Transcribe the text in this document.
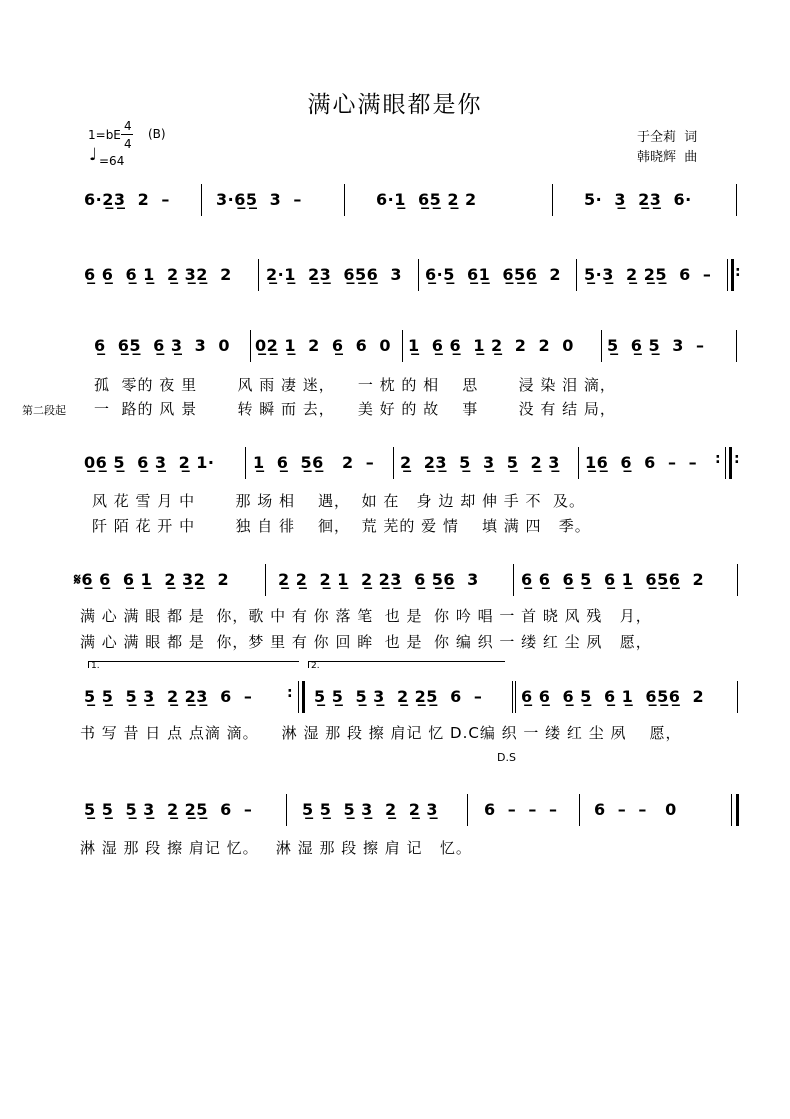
满心满眼都是你
1=bE
4
4
(B)
♩ =64
于全莉  词
韩晓辉  曲
6·2̲3̲  2  –	3·6̲5̲  3  –	6·1̲  6̲5̲ 2̲ 2	5·  3̲  2̲3̲  6·
6̲ 6̲  6̲ 1̲  2̲ 3̲2̲  2 2̲·1̲  2̲3̲  6̲5̲6̲  3 6̲·5̲  6̲1̲  6̲5̲6̲  2 5̲·3̲  2̲ 2̲5̲  6  – :
6̲  6̲5̲  6̲ 3̲  3  0 0̲2̲ 1̲  2  6̲  6  0 1̲  6̲ 6̲  1̲ 2̲  2  2  0 5̲  6̲ 5̲  3  –
孤  零的 夜 里       风 雨 凄 迷，    一 枕 的 相    思       浸 染 泪 滴，
第二段起 一  路的 风 景       转 瞬 而 去，    美 好 的 故    事       没 有 结 局，
0̲6̲ 5̲  6̲ 3̲  2̲ 1· 1̲  6̲  5̲6̲   2  – 2̲  2̲3̲  5̲  3̲  5̲  2̲ 3̲ 1̲6̲  6̲  6  –  – : :
风 花 雪 月 中       那 场 相    遇，  如 在   身 边 却 伸 手 不  及。
阡 陌 花 开 中       独 自 徘    徊，  荒 芜的 爱 情    填 满 四   季。
𝄋6̲ 6̲  6̲ 1̲  2̲ 3̲2̲  2	2̲ 2̲  2̲ 1̲  2̲ 2̲3̲  6̲ 5̲6̲  3	6̲ 6̲  6̲ 5̲  6̲ 1̲  6̲5̲6̲  2
满 心 满 眼 都 是  你，歌 中 有 你 落 笔  也 是  你 吟 唱 一 首 晓 风 残   月，
满 心 满 眼 都 是  你，梦 里 有 你 回 眸  也 是  你 编 织 一 缕 红 尘 夙   愿，
1.	2.
5̲ 5̲  5̲ 3̲  2̲ 2̲3̲  6  – : 5̲ 5̲  5̲ 3̲  2̲ 2̲5̲  6  – 6̲ 6̲  6̲ 5̲  6̲ 1̲  6̲5̲6̲  2
书 写 昔 日 点 点滴 滴。    淋 湿 那 段 擦 肩记 忆 D.C编 织 一 缕 红 尘 夙    愿，
D.S
5̲ 5̲  5̲ 3̲  2̲ 2̲5̲  6  –	5̲ 5̲  5̲ 3̲  2̲  2̲ 3̲	6  –  –  – 6  –  –   0
淋 湿 那 段 擦 肩记 忆。   淋 湿 那 段 擦 肩 记   忆。
